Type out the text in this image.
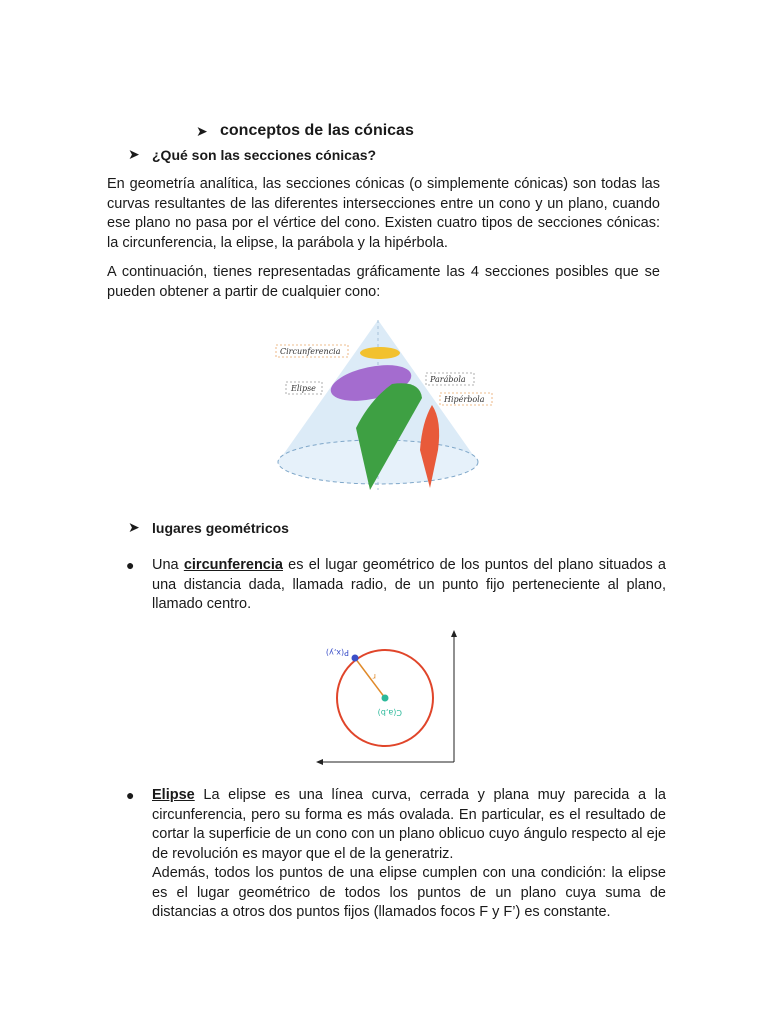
➤ conceptos de las cónicas
➤ ¿Qué son las secciones cónicas?

En geometría analítica, las secciones cónicas (o simplemente cónicas) son todas las curvas resultantes de las diferentes intersecciones entre un cono y un plano, cuando ese plano no pasa por el vértice del cono. Existen cuatro tipos de secciones cónicas: la circunferencia, la elipse, la parábola y la hipérbola.

A continuación, tienes representadas gráficamente las 4 secciones posibles que se pueden obtener a partir de cualquier cono:

Circunferencia
Elipse
Parábola
Hipérbola
➤ lugares geométricos
● Una circunferencia es el lugar geométrico de los puntos del plano situados a una distancia dada, llamada radio, de un punto fijo perteneciente al plano, llamado centro.
P(x,y)
C(a,b)
r
● Elipse La elipse es una línea curva, cerrada y plana muy parecida a la circunferencia, pero su forma es más ovalada. En particular, es el resultado de cortar la superficie de un cono con un plano oblicuo cuyo ángulo respecto al eje de revolución es mayor que el de la generatriz.
Además, todos los puntos de una elipse cumplen con una condición: la elipse es el lugar geométrico de todos los puntos de un plano cuya suma de distancias a otros dos puntos fijos (llamados focos F y F’) es constante.
